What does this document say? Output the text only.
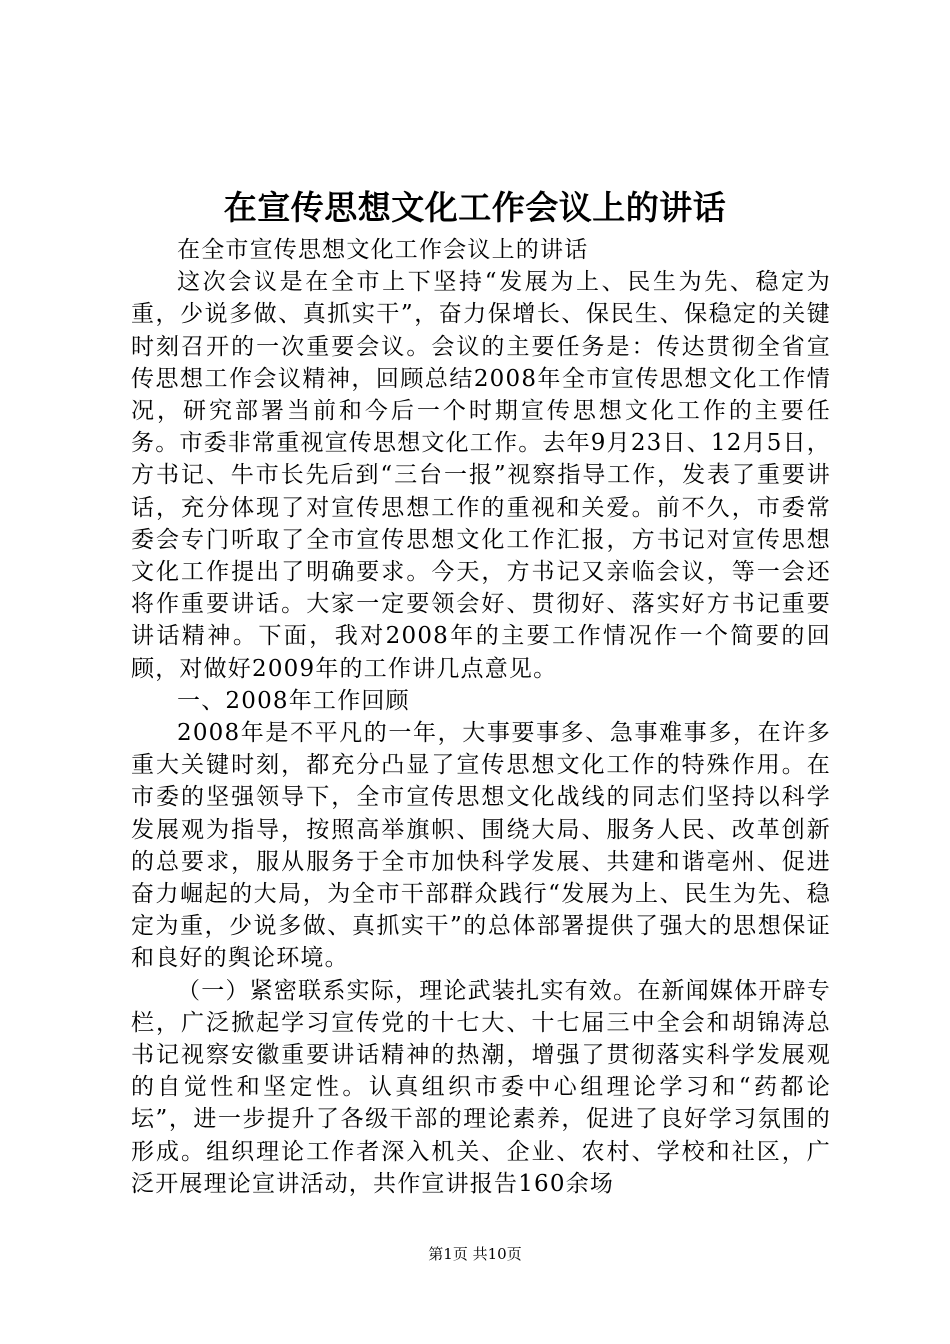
在宣传思想文化工作会议上的讲话

在全市宣传思想文化工作会议上的讲话

这次会议是在全市上下坚持“发展为上、民生为先、稳定为重，少说多做、真抓实干”，奋力保增长、保民生、保稳定的关键时刻召开的一次重要会议。会议的主要任务是：传达贯彻全省宣传思想工作会议精神，回顾总结2008年全市宣传思想文化工作情况，研究部署当前和今后一个时期宣传思想文化工作的主要任务。市委非常重视宣传思想文化工作。去年9月23日、12月5日，方书记、牛市长先后到“三台一报”视察指导工作，发表了重要讲话，充分体现了对宣传思想工作的重视和关爱。前不久，市委常委会专门听取了全市宣传思想文化工作汇报，方书记对宣传思想文化工作提出了明确要求。今天，方书记又亲临会议，等一会还将作重要讲话。大家一定要领会好、贯彻好、落实好方书记重要讲话精神。下面，我对2008年的主要工作情况作一个简要的回顾，对做好2009年的工作讲几点意见。

一、2008年工作回顾

2008年是不平凡的一年，大事要事多、急事难事多，在许多重大关键时刻，都充分凸显了宣传思想文化工作的特殊作用。在市委的坚强领导下，全市宣传思想文化战线的同志们坚持以科学发展观为指导，按照高举旗帜、围绕大局、服务人民、改革创新的总要求，服从服务于全市加快科学发展、共建和谐亳州、促进奋力崛起的大局，为全市干部群众践行“发展为上、民生为先、稳定为重，少说多做、真抓实干”的总体部署提供了强大的思想保证和良好的舆论环境。

（一）紧密联系实际，理论武装扎实有效。在新闻媒体开辟专栏，广泛掀起学习宣传党的十七大、十七届三中全会和胡锦涛总书记视察安徽重要讲话精神的热潮，增强了贯彻落实科学发展观的自觉性和坚定性。认真组织市委中心组理论学习和“药都论坛”，进一步提升了各级干部的理论素养，促进了良好学习氛围的形成。组织理论工作者深入机关、企业、农村、学校和社区，广泛开展理论宣讲活动，共作宣讲报告160余场

第1页 共10页
